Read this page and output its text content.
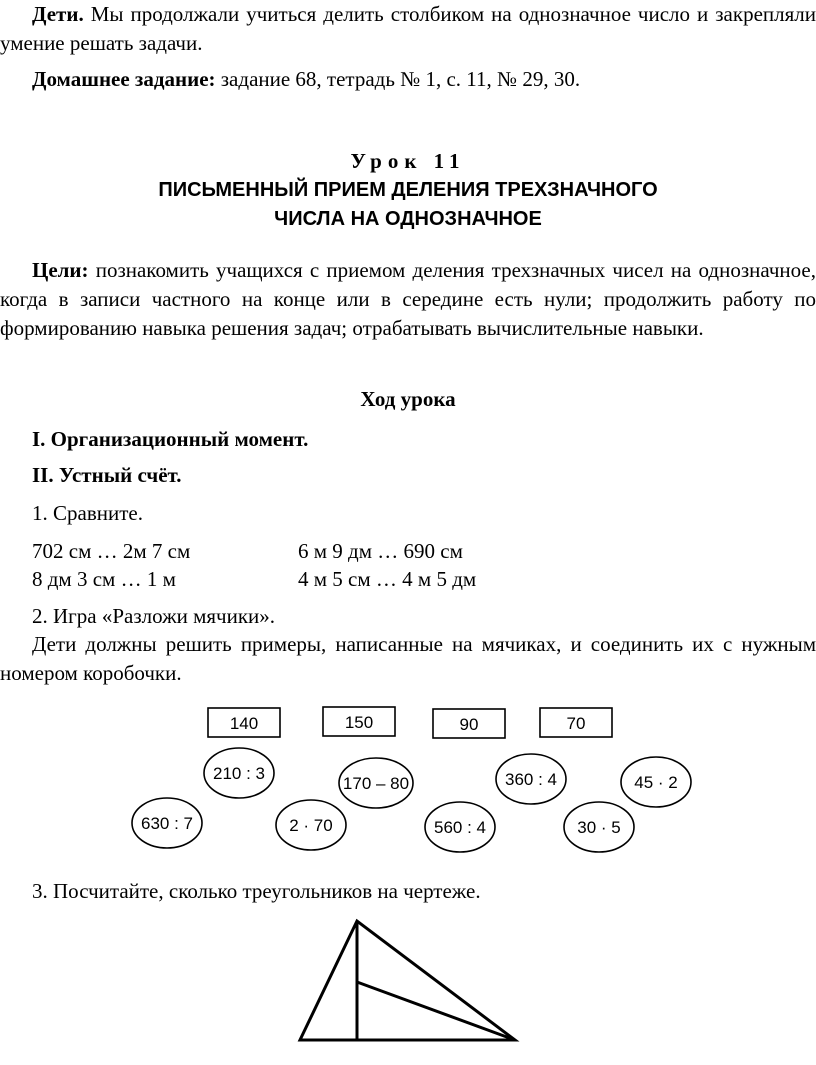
Дети. Мы продолжали учиться делить столбиком на однозначное число и закрепляли умение решать задачи.
Домашнее задание: задание 68, тетрадь № 1, с. 11, № 29, 30.
Урок 11
ПИСЬМЕННЫЙ ПРИЕМ ДЕЛЕНИЯ ТРЕХЗНАЧНОГО
ЧИСЛА НА ОДНОЗНАЧНОЕ
Цели: познакомить учащихся с приемом деления трехзначных чисел на однозначное, когда в записи частного на конце или в середине есть нули; продолжить работу по формированию навыка решения задач; отрабатывать вычислительные навыки.
Ход урока
I. Организационный момент.
II. Устный счёт.
1. Сравните.
702 см … 2м 7 см	6 м 9 дм … 690 см
8 дм 3 см … 1 м	4 м 5 см … 4 м 5 дм
2. Игра «Разложи мячики».
Дети должны решить примеры, написанные на мячиках, и соединить их с нужным номером коробочки.
140	150	90	70
210 : 3
170 – 80	360 : 4	45 · 2
630 : 7	2 · 70	560 : 4	30 · 5
3. Посчитайте, сколько треугольников на чертеже.
